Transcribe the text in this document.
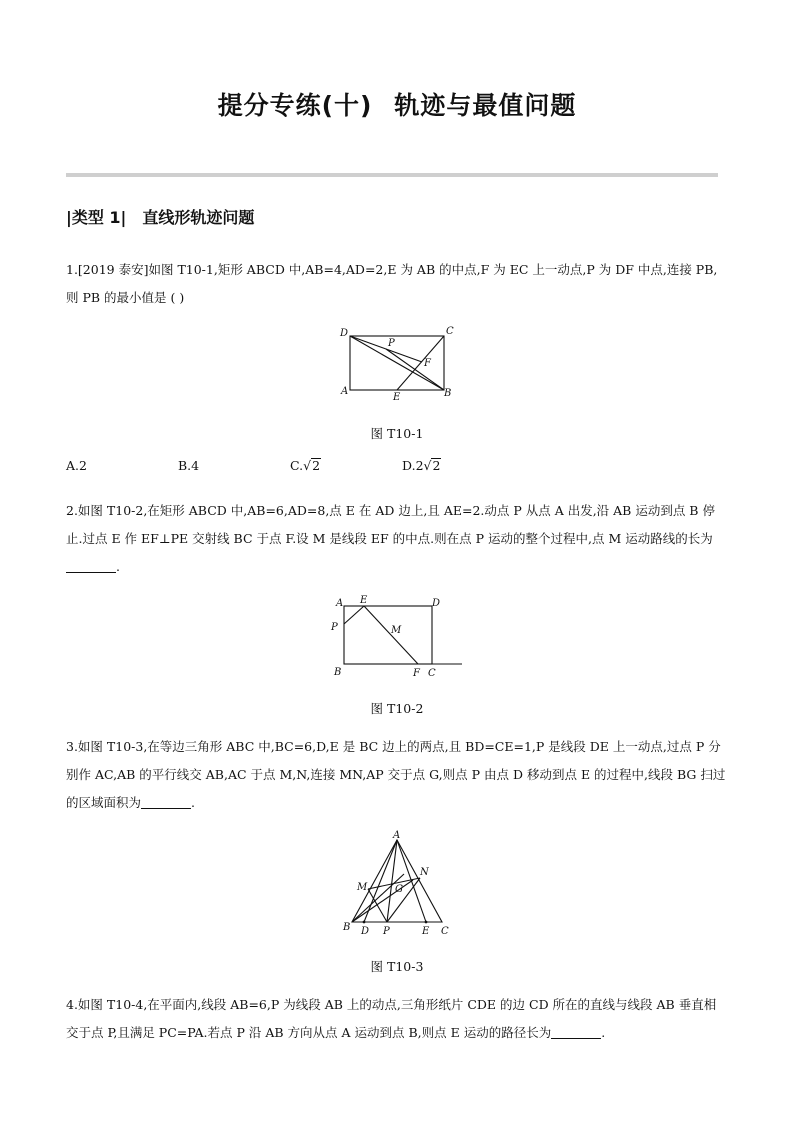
提分专练(十) 轨迹与最值问题
|类型 1| 直线形轨迹问题

1.[2019 泰安]如图 T10-1,矩形 ABCD 中,AB=4,AD=2,E 为 AB 的中点,F 为 EC 上一动点,P 为 DF 中点,连接 PB,则 PB 的最小值是 ( )

D	C
P
F
A
E	B
图 T10-1
A.2	B.4	C.√2	D.2√2

2.如图 T10-2,在矩形 ABCD 中,AB=6,AD=8,点 E 在 AD 边上,且 AE=2.动点 P 从点 A 出发,沿 AB 运动到点 B 停止.过点 E 作 EF⊥PE 交射线 BC 于点 F.设 M 是线段 EF 的中点.则在点 P 运动的整个过程中,点 M 运动路线的长为.

A E	D
P	M
B	F C
图 T10-2

3.如图 T10-3,在等边三角形 ABC 中,BC=6,D,E 是 BC 边上的两点,且 BD=CE=1,P 是线段 DE 上一动点,过点 P 分别作 AC,AB 的平行线交 AB,AC 于点 M,N,连接 MN,AP 交于点 G,则点 P 由点 D 移动到点 E 的过程中,线段 BG 扫过的区域面积为	.

A
N
M	G
B D P	E C
图 T10-3

4.如图 T10-4,在平面内,线段 AB=6,P 为线段 AB 上的动点,三角形纸片 CDE 的边 CD 所在的直线与线段 AB 垂直相交于点 P,且满足 PC=PA.若点 P 沿 AB 方向从点 A 运动到点 B,则点 E 运动的路径长为	.
